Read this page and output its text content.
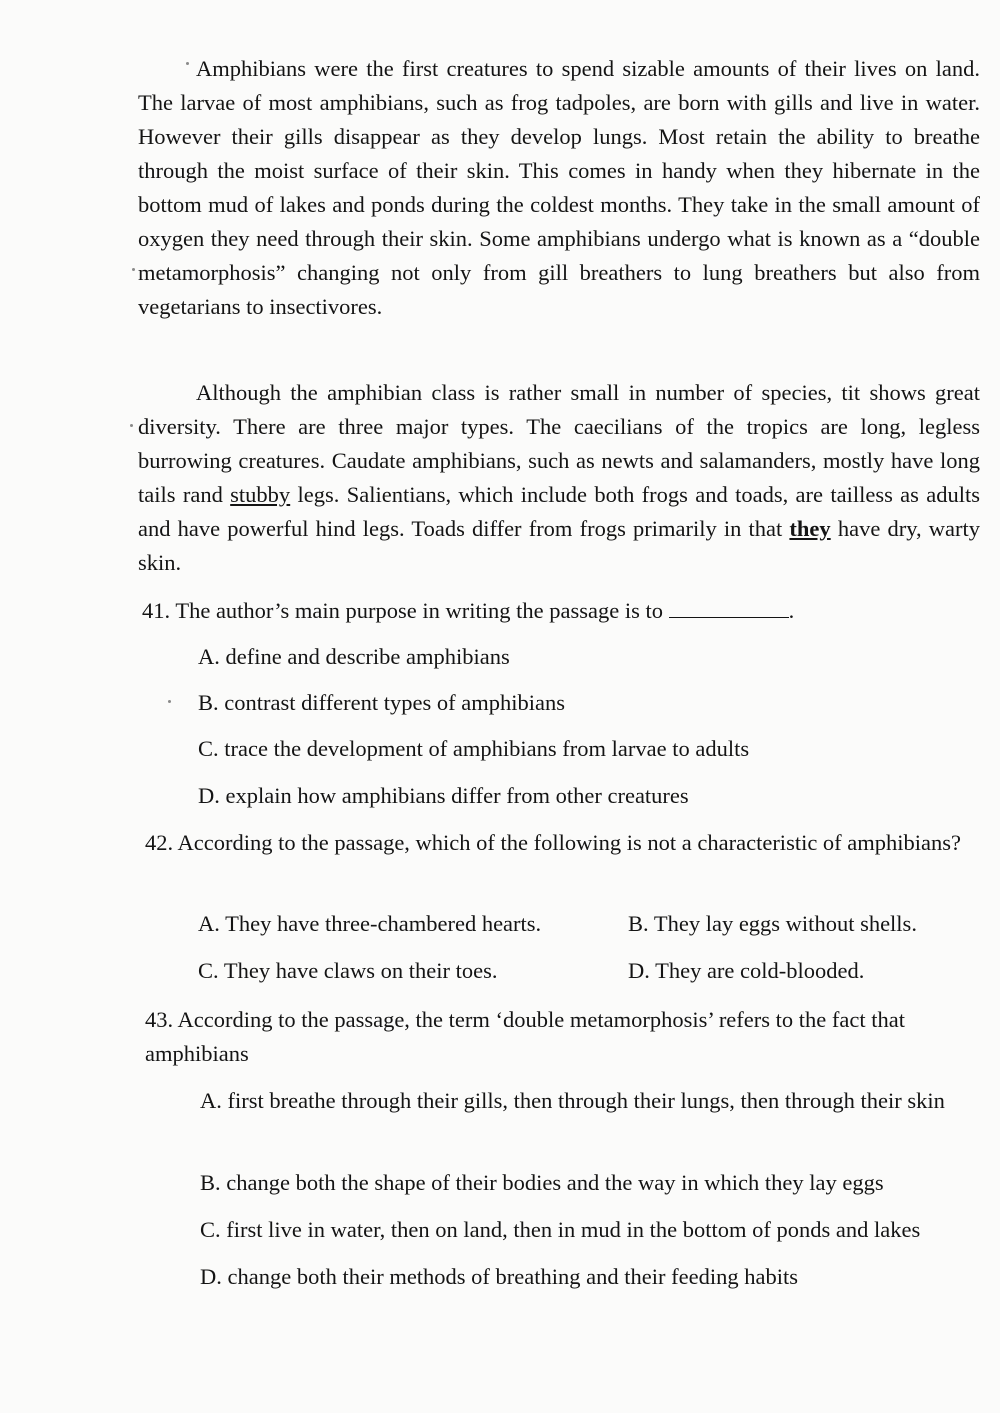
Amphibians were the first creatures to spend sizable amounts of their lives on land. The larvae of most amphibians, such as frog tadpoles, are born with gills and live in water. However their gills disappear as they develop lungs. Most retain the ability to breathe through the moist surface of their skin. This comes in handy when they hibernate in the bottom mud of lakes and ponds during the coldest months. They take in the small amount of oxygen they need through their skin. Some amphibians undergo what is known as a “double metamorphosis” changing not only from gill breathers to lung breathers but also from vegetarians to insectivores.

Although the amphibian class is rather small in number of species, tit shows great diversity. There are three major types. The caecilians of the tropics are long, legless burrowing creatures. Caudate amphibians, such as newts and salamanders, mostly have long tails rand stubby legs. Salientians, which include both frogs and toads, are tailless as adults and have powerful hind legs. Toads differ from frogs primarily in that they have dry, warty skin.

41. The author’s main purpose in writing the passage is to	.

A. define and describe amphibians

B. contrast different types of amphibians

C. trace the development of amphibians from larvae to adults

D. explain how amphibians differ from other creatures

42. According to the passage, which of the following is not a characteristic of amphibians?

A. They have three-chambered hearts.	B. They lay eggs without shells.

C. They have claws on their toes.	D. They are cold-blooded.

43. According to the passage, the term ‘double metamorphosis’ refers to the fact that amphibians

A. first breathe through their gills, then through their lungs, then through their skin

B. change both the shape of their bodies and the way in which they lay eggs

C. first live in water, then on land, then in mud in the bottom of ponds and lakes

D. change both their methods of breathing and their feeding habits
